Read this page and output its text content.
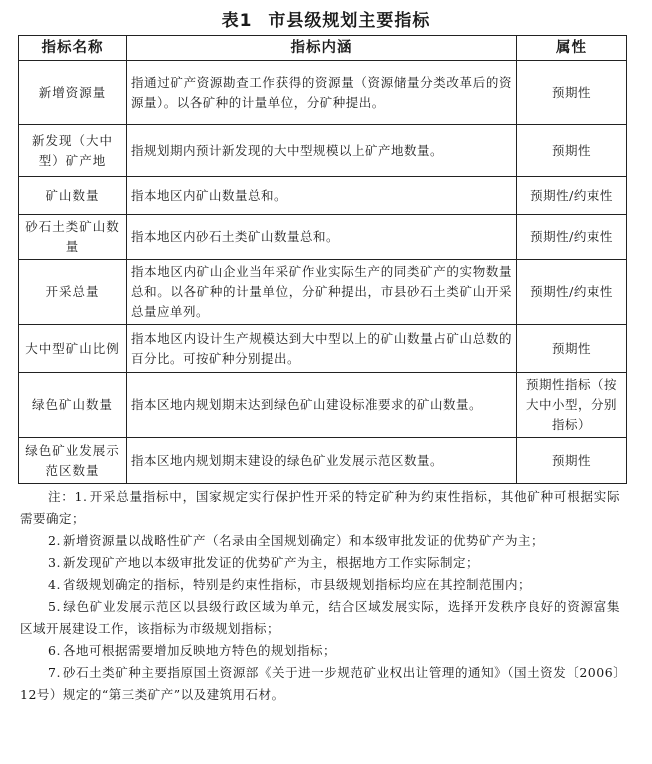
表1 市县级规划主要指标
指标名称	指标内涵	属性
新增资源量	指通过矿产资源勘查工作获得的资源量（资源储量分类改革后的资源量）。以各矿种的计量单位，分矿种提出。	预期性
新发现（大中型）矿产地	指规划期内预计新发现的大中型规模以上矿产地数量。	预期性
矿山数量	指本地区内矿山数量总和。	预期性/约束性
砂石土类矿山数量	指本地区内砂石土类矿山数量总和。	预期性/约束性
开采总量	指本地区内矿山企业当年采矿作业实际生产的同类矿产的实物数量总和。以各矿种的计量单位，分矿种提出，市县砂石土类矿山开采总量应单列。	预期性/约束性
大中型矿山比例	指本地区内设计生产规模达到大中型以上的矿山数量占矿山总数的百分比。可按矿种分别提出。	预期性
绿色矿山数量	指本区地内规划期末达到绿色矿山建设标准要求的矿山数量。	预期性指标（按大中小型，分别指标）
绿色矿业发展示范区数量	指本区地内规划期末建设的绿色矿业发展示范区数量。	预期性
注：1. 开采总量指标中，国家规定实行保护性开采的特定矿种为约束性指标，其他矿种可根据实际需要确定；
2. 新增资源量以战略性矿产（名录由全国规划确定）和本级审批发证的优势矿产为主；
3. 新发现矿产地以本级审批发证的优势矿产为主，根据地方工作实际制定；
4. 省级规划确定的指标，特别是约束性指标，市县级规划指标均应在其控制范围内；
5. 绿色矿业发展示范区以县级行政区域为单元，结合区域发展实际，选择开发秩序良好的资源富集区域开展建设工作，该指标为市级规划指标；
6. 各地可根据需要增加反映地方特色的规划指标；
7. 砂石土类矿种主要指原国土资源部《关于进一步规范矿业权出让管理的通知》（国土资发〔2006〕12号）规定的“第三类矿产”以及建筑用石材。
